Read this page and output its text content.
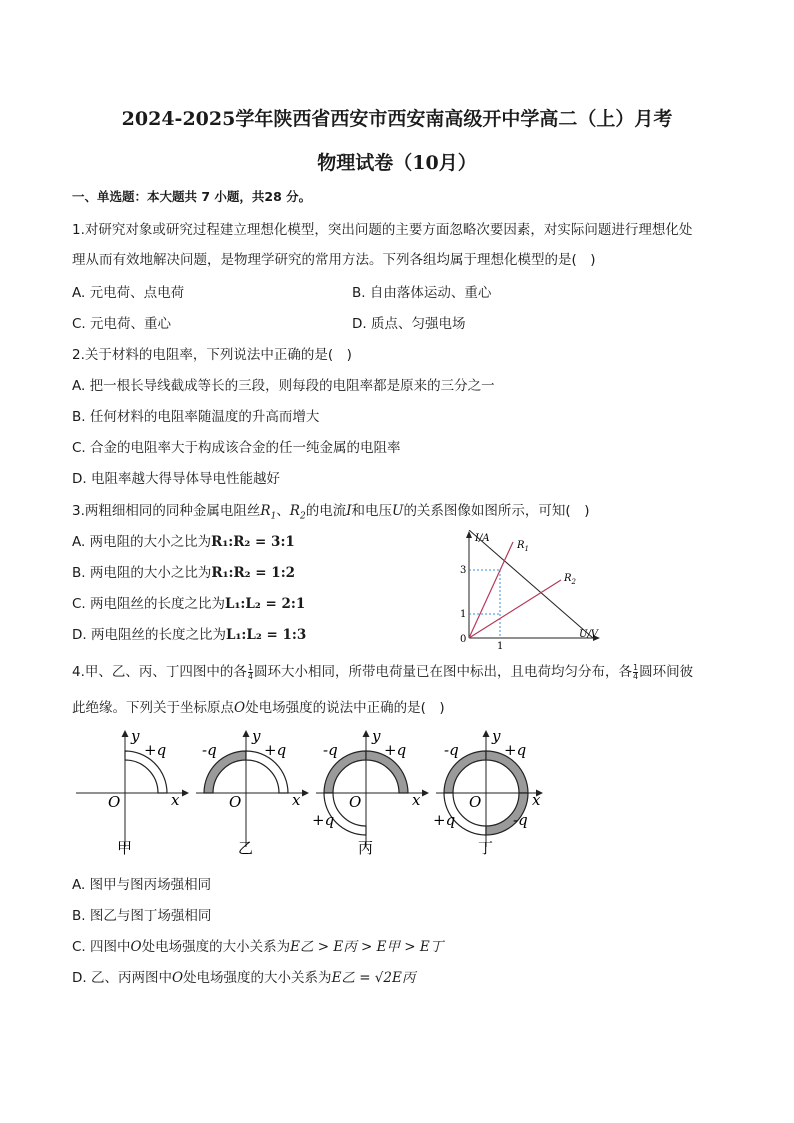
2024-2025学年陕西省西安市西安南高级开中学高二（上）月考
物理试卷（10月）
一、单选题：本大题共 7 小题，共28 分。
1.对研究对象或研究过程建立理想化模型，突出问题的主要方面忽略次要因素，对实际问题进行理想化处
理从而有效地解决问题，是物理学研究的常用方法。下列各组均属于理想化模型的是(　)
A. 元电荷、点电荷	B. 自由落体运动、重心
C. 元电荷、重心	D. 质点、匀强电场
2.关于材料的电阻率，下列说法中正确的是(　)
A. 把一根长导线截成等长的三段，则每段的电阻率都是原来的三分之一
B. 任何材料的电阻率随温度的升高而增大
C. 合金的电阻率大于构成该合金的任一纯金属的电阻率
D. 电阻率越大得导体导电性能越好
3.两粗细相同的同种金属电阻丝$R_1$、$R_2$的电流I和电压U的关系图像如图所示，可知(　)
A. 两电阻的大小之比为R₁:R₂ = 3:1
B. 两电阻的大小之比为R₁:R₂ = 1:2
C. 两电阻丝的长度之比为L₁:L₂ = 2:1
D. 两电阻丝的长度之比为L₁:L₂ = 1:3
I/A
U/V
0
3
1
1
$R_1$
$R_2$
4.甲、乙、丙、丁四图中的各 $\frac{1}{4}$ 圆环大小相同，所带电荷量已在图中标出，且电荷均匀分布，各 $\frac{1}{4}$ 圆环间彼
此绝缘。下列关于坐标原点O处电场强度的说法中正确的是(　)
y
x
O
+q
甲
y
x
O
-q	+q
乙
y
x
O
-q	+q
+q
丙
y
x
O
-q	+q
+q	-q
丁
A. 图甲与图丙场强相同
B. 图乙与图丁场强相同
C. 四图中O处电场强度的大小关系为E乙 > E丙 > E甲 > E丁
D. 乙、丙两图中O处电场强度的大小关系为E乙 = √2E丙
